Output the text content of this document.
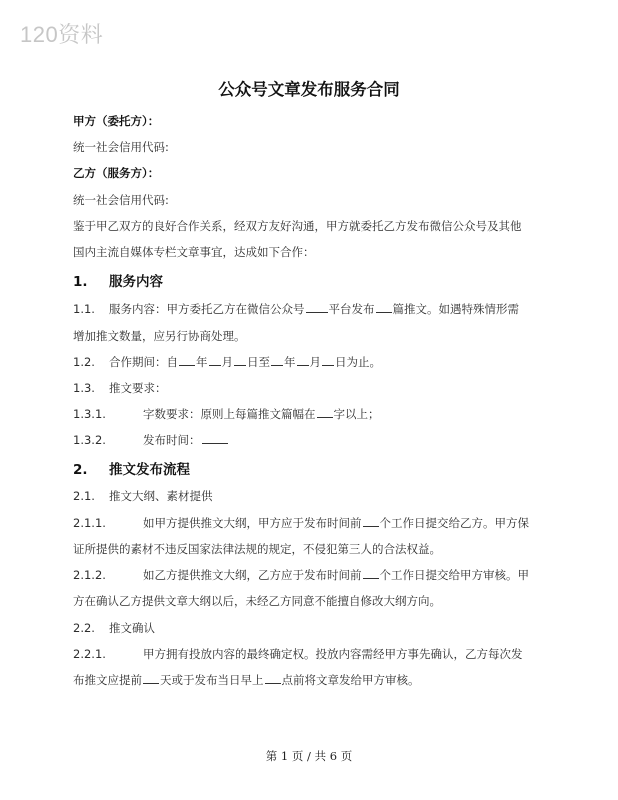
120资料
公众号文章发布服务合同
甲方（委托方）：
统一社会信用代码:
乙方（服务方）：
统一社会信用代码:
鉴于甲乙双方的良好合作关系，经双方友好沟通，甲方就委托乙方发布微信公众号及其他
国内主流自媒体专栏文章事宜，达成如下合作：
1. 服务内容
1.1. 服务内容：甲方委托乙方在微信公众号 平台发布 篇推文。如遇特殊情形需
增加推文数量，应另行协商处理。
1.2. 合作期间：自 年 月 日至 年 月 日为止。
1.3. 推文要求：
1.3.1.	字数要求：原则上每篇推文篇幅在 字以上；
1.3.2.	发布时间：
2. 推文发布流程
2.1. 推文大纲、素材提供
2.1.1.	如甲方提供推文大纲，甲方应于发布时间前 个工作日提交给乙方。甲方保
证所提供的素材不违反国家法律法规的规定，不侵犯第三人的合法权益。
2.1.2.	如乙方提供推文大纲，乙方应于发布时间前 个工作日提交给甲方审核。甲
方在确认乙方提供文章大纲以后，未经乙方同意不能擅自修改大纲方向。
2.2. 推文确认
2.2.1.	甲方拥有投放内容的最终确定权。投放内容需经甲方事先确认，乙方每次发
布推文应提前 天或于发布当日早上 点前将文章发给甲方审核。
第 1 页 / 共 6 页
